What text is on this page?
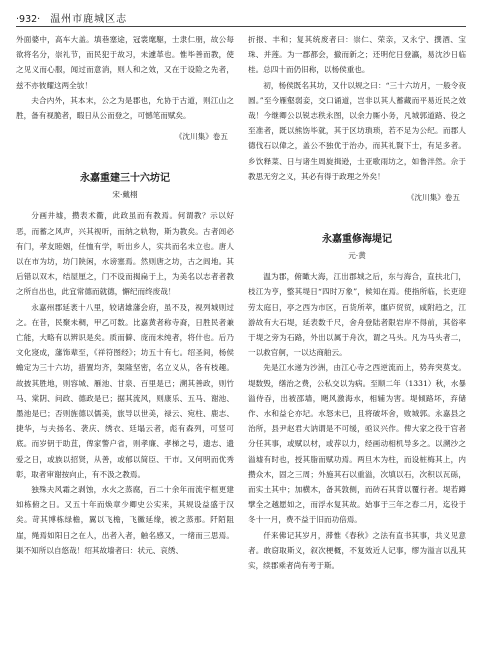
·932· 温州市鹿城区志

外面婆中，高车大盖。填巷塞途，冠裳麾駆，士隶仁朋，故公每欲将名分，崇礼节，而民犯于故习，未遽革也。惟毕善而教，使之见义而心服，闻过而意消，则人和之效，又在于设险之先者，兹不亦彼耀这两全欤！

夫合内外，其本末，公之为是郡也，允协于古道，则江山之胜，备有视脆者，暇日从公而登之，可憾笔而赋矣。

《沈川集》卷五
永嘉重建三十六坊记
宋·戴栩

分画井墟，攒表术衢，此政虽而有教焉。何谓教？示以好恶，而蓄之风声，兴其视听，而纳之轨物，斯为教矣。古者闾必有门，孝友睦姻，任恤有学，听出乡人，实共而名未立也。唐人以在市为坊，坊门陕闲，水谤塞焉。然则唐之坊，古之闾地。其后错以双木，结屋厘之，门不设而揭扁于上，为美名以志者者教之所自出也，此宜常德而就德，懈纪而终废哉！

永嘉州郡延袤十八里，较诸雄藩会府，虽不及，视列城则过之。在昔，民聚未稠，甲乙可数。比嘉黄者称寺裔，日胜民者兼亡能，大略有以辨识是矣。质而僻、庞而未纯者，将什也。后乃文化寖成，藩饰辈至，《祥符图经》；坊五十有七。绍圣间，杨侯蟾定为三十六坊，措置均齐，架隆坚密，名立义从，各有枝趣。故披其胜地，则容城、雁池、甘泉、百里是已；溯其善政，则竹马、棠阴、问政、德政是已；据其流风，则康乐、五马、谢池、墨池是已；否则旌德以儒美，旅导以世美，禄云、宛柱、鹿志、捷华，与夫扬名、袭庆、绣衣、廷塌云者，彪有森列，可竖可底。而岁钥于助苴，俾家警户省，则孝廉、孝梯之号，遗志、遗爱之日，或族以招贤，从善，或郁以简臣、干市。又何明而优秀彰，取者审谢按向止，有不汲之教焉。

独殊夫风霜之剥蚀，水火之蒸腐，百二十余年而流宇框更建如栋俯之日。又五十年而焕章少卿史公实来，其规设益盛于汉矣。苛其博栋绿檐，翼以飞檐，飞鰴延缘，被之蒸那。阡陌阻崖，绳焉如阳日之在人，出者入者，触名感又，一绪而三思焉。渠不知所以自悠哉！绍其故墙者曰：状元、哀绣、

折报、丰和；复其统废者曰：崇仁、荣亲，又永宁、撰酒、宝珠、并莲。为一郡都会，撤而新之；还明佗日登瀛，易沈沙日临桂。总四十而仍旧称，以杨侯重也。

初，杨侯既名其坊，又什以规之曰：“三十六坊月，一般令夜圆。”至今雁壑弱妾，交口诵道，岂非以其人蓄藏而平易近民之效哉！今继卿公以锐志秩永图，以余力厮小务，凡城郭道路、役之至准者，既以熊饬毕就，其于区坊瑣琐，若不足为公纪。而郡人德伐石以偉之，盖公不独优于治办，而其礼賢下士，有足多者。乡饮释菜、日与诸生周旋揖逊，士亚歌雨坊之，如鲁泮然。佘于教思无穷之义，其必有得于政理之外矣！

《沈川集》卷五
永嘉重修海堤记
元·黄

温为郡，俯瞰大海，江出郡城之后，东与海合，直扶北门，枝江为亨，整其堤日“四时万象”，候知在焉。使指所临，长吏迎劳太庭日，亭之西为市区，百货所萃，廛庐贸贸，咸附趋之，江游故有大石堤，延表数千尺，舍舟登陆者限岩岸不得前，其俗率于堤之旁为石路，外出以属于舟次，谓之马头。凡为马头者二，一以救官舸，一以达商舶云。

先是江水递为沙洲，由江心寺之西逆流而上，势奔突莫支。堤数毁，缮治之费，公私交以为病。至顺二年（1331）秋，水暴溢侍吞，出被邵墙，飓风激海水，相辅为害。堤倾路坏，弃储作、水和益仑亦圮。水怒未已，且将破坏舍，败城郭。永嘉县之治所，县尹赵君大讷谓是不可缓，亟议兴作。俾大家之役于官者分任其事，或赋以材，或荐以力，经画动相机导多之。以溯沙之溢墟有时也，授其脂而赋功焉。两旦木为柱，而设桩梅其上，内攒众木，固之三周；外施其石以重溢，次填以石，次积以瓦砾，而实土其中；加横木，备其敦侧，而砖石其背以覆行者。堤若蹲擘全之越愿如之，而浮水复其故。始事于三年之春二月，迄役于冬十一月，费不益于旧而功倍焉。

仟来佛记其岁月，滞惟《春秋》之法有直书其事，共义见意者。敢窃取斯义，叙次梗概，不复效近人记事，缪为溢言以乱其实，续郡乘者尚有考于斯。
